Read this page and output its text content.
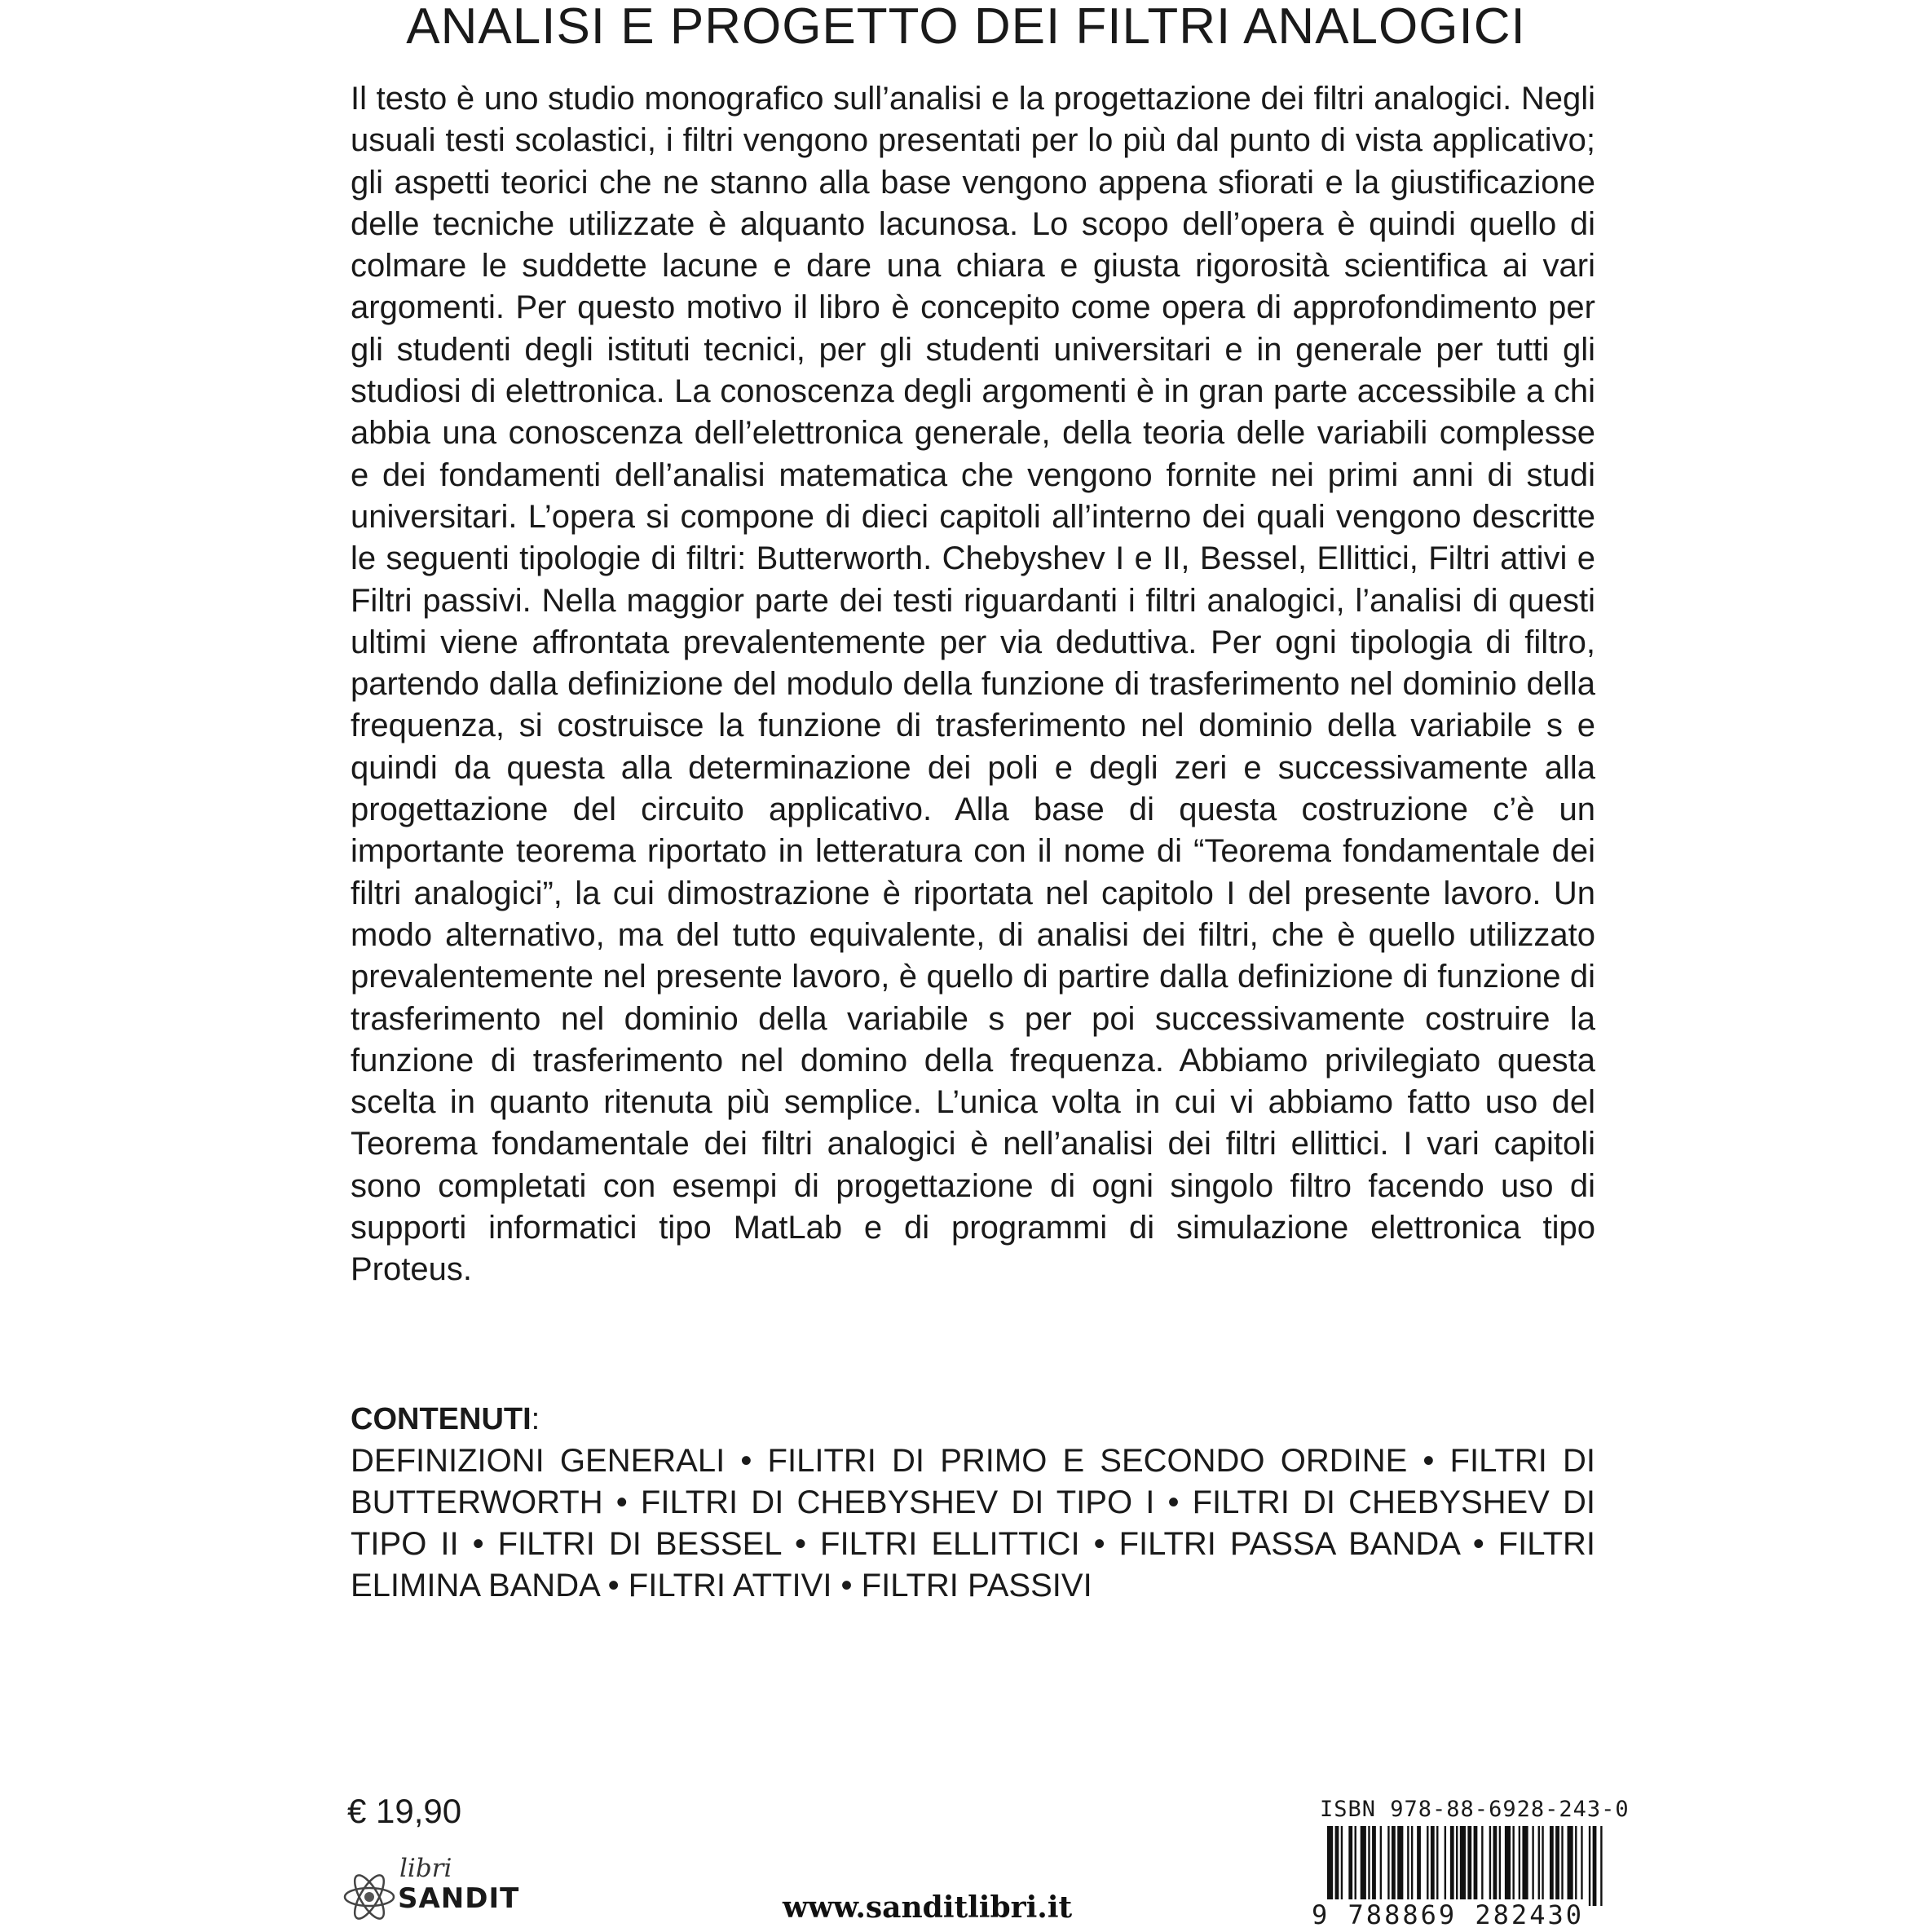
ANALISI E PROGETTO DEI FILTRI ANALOGICI
Il testo è uno studio monografico sull’analisi e la progettazione dei filtri analogici. Negli usuali testi scolastici, i filtri vengono presentati per lo più dal punto di vista applicativo; gli aspetti teorici che ne stanno alla base vengono appena sfiorati e la giustificazione delle tecniche utilizzate è alquanto lacunosa. Lo scopo dell’opera è quindi quello di colmare le suddette lacune e dare una chiara e giusta rigorosità scientifica ai vari argomenti. Per questo motivo il libro è concepito come opera di approfondimento per gli studenti degli istituti tecnici, per gli studenti universitari e in generale per tutti gli studiosi di elettronica. La conoscenza degli argomenti è in gran parte accessibile a chi abbia una conoscenza dell’elettronica generale, della teoria delle variabili complesse e dei fondamenti dell’analisi matematica che vengono fornite nei primi anni di studi universitari. L’opera si compone di dieci capitoli all’interno dei quali vengono descritte le seguenti tipologie di filtri: Butterworth. Chebyshev I e II, Bessel, Ellittici, Filtri attivi e Filtri passivi. Nella maggior parte dei testi riguardanti i filtri analogici, l’analisi di questi ultimi viene affrontata prevalentemente per via deduttiva. Per ogni tipologia di filtro, partendo dalla definizione del modulo della funzione di trasferimento nel dominio della frequenza, si costruisce la funzione di trasferimento nel dominio della variabile s e quindi da questa alla determinazione dei poli e degli zeri e successivamente alla progettazione del circuito applicativo. Alla base di questa costruzione c’è un importante teorema riportato in letteratura con il nome di “Teorema fondamentale dei filtri analogici”, la cui dimostrazione è riportata nel capitolo I del presente lavoro. Un modo alternativo, ma del tutto equivalente, di analisi dei filtri, che è quello utilizzato prevalentemente nel presente lavoro, è quello di partire dalla definizione di funzione di trasferimento nel dominio della variabile s per poi successivamente costruire la funzione di trasferimento nel domino della frequenza. Abbiamo privilegiato questa scelta in quanto ritenuta più semplice. L’unica volta in cui vi abbiamo fatto uso del Teorema fondamentale dei filtri analogici è nell’analisi dei filtri ellittici. I vari capitoli sono completati con esempi di progettazione di ogni singolo filtro facendo uso di supporti informatici tipo MatLab e di programmi di simulazione elettronica tipo Proteus.
CONTENUTI:
DEFINIZIONI GENERALI • FILITRI DI PRIMO E SECONDO ORDINE • FILTRI DI BUTTERWORTH • FILTRI DI CHEBYSHEV DI TIPO I • FILTRI DI CHEBYSHEV DI TIPO II • FILTRI DI BESSEL • FILTRI ELLITTICI • FILTRI PASSA BANDA • FILTRI ELIMINA BANDA • FILTRI ATTIVI • FILTRI PASSIVI
€ 19,90
libri
SANDIT	www.sanditlibri.it
ISBN 978-88-6928-243-0
9 788869 282430
